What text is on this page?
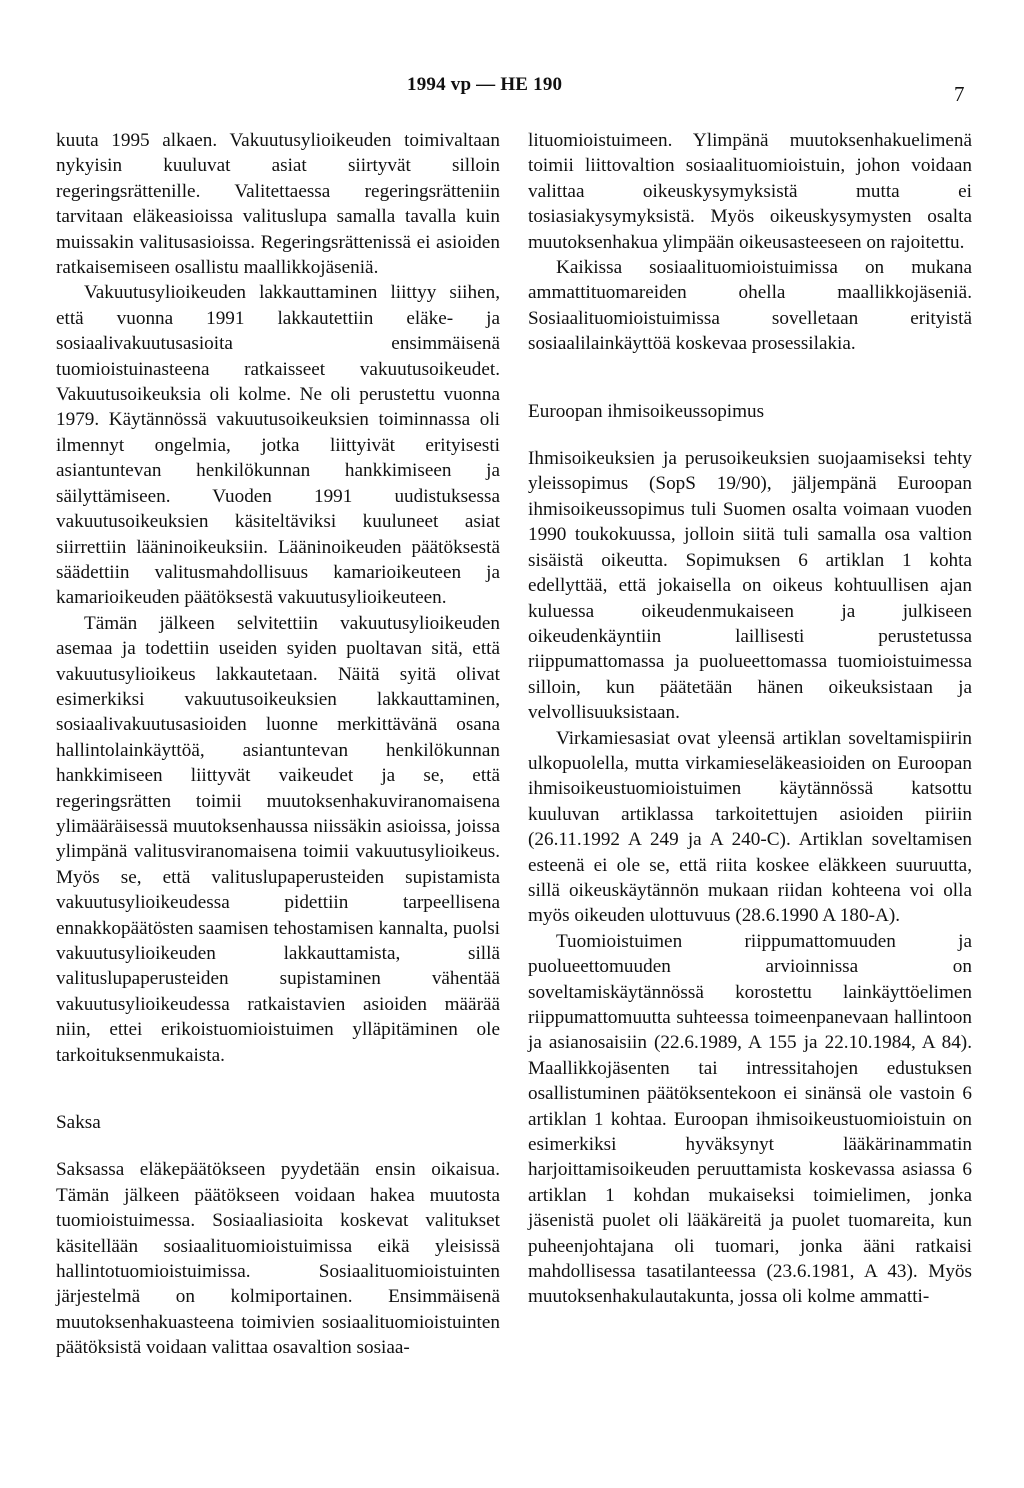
1994 vp — HE 190	7

kuuta 1995 alkaen. Vakuutusylioikeuden toimivaltaan nykyisin kuuluvat asiat siirtyvät silloin regeringsrättenille. Valitettaessa regeringsrätteniin tarvitaan eläkeasioissa valituslupa samalla tavalla kuin muissakin valitusasioissa. Regeringsrättenissä ei asioiden ratkaisemiseen osallistu maallikkojäseniä.

Vakuutusylioikeuden lakkauttaminen liittyy siihen, että vuonna 1991 lakkautettiin eläke- ja sosiaalivakuutusasioita ensimmäisenä tuomioistuinasteena ratkaisseet vakuutusoikeudet. Vakuutusoikeuksia oli kolme. Ne oli perustettu vuonna 1979. Käytännössä vakuutusoikeuksien toiminnassa oli ilmennyt ongelmia, jotka liittyivät erityisesti asiantuntevan henkilökunnan hankkimiseen ja säilyttämiseen. Vuoden 1991 uudistuksessa vakuutusoikeuksien käsiteltäviksi kuuluneet asiat siirrettiin lääninoikeuksiin. Lääninoikeuden päätöksestä säädettiin valitusmahdollisuus kamarioikeuteen ja kamarioikeuden päätöksestä vakuutusylioikeuteen.

Tämän jälkeen selvitettiin vakuutusylioikeuden asemaa ja todettiin useiden syiden puoltavan sitä, että vakuutusylioikeus lakkautetaan. Näitä syitä olivat esimerkiksi vakuutusoikeuksien lakkauttaminen, sosiaalivakuutusasioiden luonne merkittävänä osana hallintolainkäyttöä, asiantuntevan henkilökunnan hankkimiseen liittyvät vaikeudet ja se, että regeringsrätten toimii muutoksenhakuviranomaisena ylimääräisessä muutoksenhaussa niissäkin asioissa, joissa ylimpänä valitusviranomaisena toimii vakuutusylioikeus. Myös se, että valituslupaperusteiden supistamista vakuutusylioikeudessa pidettiin tarpeellisena ennakkopäätösten saamisen tehostamisen kannalta, puolsi vakuutusylioikeuden lakkauttamista, sillä valituslupaperusteiden supistaminen vähentää vakuutusylioikeudessa ratkaistavien asioiden määrää niin, ettei erikoistuomioistuimen ylläpitäminen ole tarkoituksenmukaista.

Saksa

Saksassa eläkepäätökseen pyydetään ensin oikaisua. Tämän jälkeen päätökseen voidaan hakea muutosta tuomioistuimessa. Sosiaaliasioita koskevat valitukset käsitellään sosiaalituomioistuimissa eikä yleisissä hallintotuomioistuimissa. Sosiaalituomioistuinten järjestelmä on kolmiportainen. Ensimmäisenä muutoksenhakuasteena toimivien sosiaalituomioistuinten päätöksistä voidaan valittaa osavaltion sosiaa-

lituomioistuimeen. Ylimpänä muutoksenhakuelimenä toimii liittovaltion sosiaalituomioistuin, johon voidaan valittaa oikeuskysymyksistä mutta ei tosiasiakysymyksistä. Myös oikeuskysymysten osalta muutoksenhakua ylimpään oikeusasteeseen on rajoitettu.

Kaikissa sosiaalituomioistuimissa on mukana ammattituomareiden ohella maallikkojäseniä. Sosiaalituomioistuimissa sovelletaan erityistä sosiaalilainkäyttöä koskevaa prosessilakia.

Euroopan ihmisoikeussopimus

Ihmisoikeuksien ja perusoikeuksien suojaamiseksi tehty yleissopimus (SopS 19/90), jäljempänä Euroopan ihmisoikeussopimus tuli Suomen osalta voimaan vuoden 1990 toukokuussa, jolloin siitä tuli samalla osa valtion sisäistä oikeutta. Sopimuksen 6 artiklan 1 kohta edellyttää, että jokaisella on oikeus kohtuullisen ajan kuluessa oikeudenmukaiseen ja julkiseen oikeudenkäyntiin laillisesti perustetussa riippumattomassa ja puolueettomassa tuomioistuimessa silloin, kun päätetään hänen oikeuksistaan ja velvollisuuksistaan.

Virkamiesasiat ovat yleensä artiklan soveltamispiirin ulkopuolella, mutta virkamieseläkeasioiden on Euroopan ihmisoikeustuomioistuimen käytännössä katsottu kuuluvan artiklassa tarkoitettujen asioiden piiriin (26.11.1992 A 249 ja A 240-C). Artiklan soveltamisen esteenä ei ole se, että riita koskee eläkkeen suuruutta, sillä oikeuskäytännön mukaan riidan kohteena voi olla myös oikeuden ulottuvuus (28.6.1990 A 180-A).

Tuomioistuimen riippumattomuuden ja puolueettomuuden arvioinnissa on soveltamiskäytännössä korostettu lainkäyttöelimen riippumattomuutta suhteessa toimeenpanevaan hallintoon ja asianosaisiin (22.6.1989, A 155 ja 22.10.1984, A 84). Maallikkojäsenten tai intressitahojen edustuksen osallistuminen päätöksentekoon ei sinänsä ole vastoin 6 artiklan 1 kohtaa. Euroopan ihmisoikeustuomioistuin on esimerkiksi hyväksynyt lääkärinammatin harjoittamisoikeuden peruuttamista koskevassa asiassa 6 artiklan 1 kohdan mukaiseksi toimielimen, jonka jäsenistä puolet oli lääkäreitä ja puolet tuomareita, kun puheenjohtajana oli tuomari, jonka ääni ratkaisi mahdollisessa tasatilanteessa (23.6.1981, A 43). Myös muutoksenhakulautakunta, jossa oli kolme ammatti-
